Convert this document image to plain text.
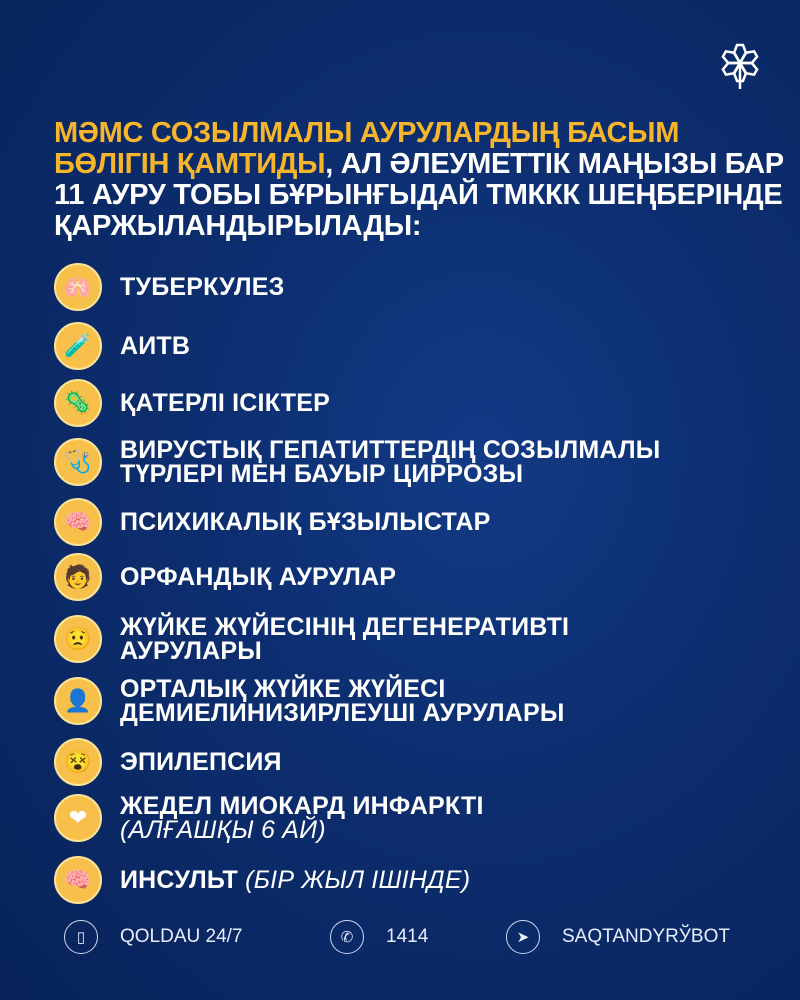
МӘМС СОЗЫЛМАЛЫ АУРУЛАРДЫҢ БАСЫМ БӨЛІГІН ҚАМТИДЫ, АЛ ӘЛЕУМЕТТІК МАҢЫЗЫ БАР 11 АУРУ ТОБЫ БҰРЫНҒЫДАЙ ТМККК ШЕҢБЕРІНДЕ ҚАРЖЫЛАНДЫРЫЛАДЫ:
🫁	ТУБЕРКУЛЕЗ
🧪	АИТВ
🦠	ҚАТЕРЛІ ІСІКТЕР
🩺	ВИРУСТЫҚ ГЕПАТИТТЕРДІҢ СОЗЫЛМАЛЫ
ТҮРЛЕРІ МЕН БАУЫР ЦИРРОЗЫ
🧠	ПСИХИКАЛЫҚ БҰЗЫЛЫСТАР
🧑	ОРФАНДЫҚ АУРУЛАР
😟	ЖҮЙКЕ ЖҮЙЕСІНІҢ ДЕГЕНЕРАТИВТІ
АУРУЛАРЫ
👤	ОРТАЛЫҚ ЖҮЙКЕ ЖҮЙЕСІ
ДЕМИЕЛИНИЗИРЛЕУШІ АУРУЛАРЫ
😵	ЭПИЛЕПСИЯ
❤	ЖЕДЕЛ МИОКАРД ИНФАРКТІ
(АЛҒАШҚЫ 6 АЙ)
🧠	ИНСУЛЬТ (БІР ЖЫЛ ІШІНДЕ)
▯	QOLDAU 24/7	✆	1414	➤	SAQTANDYRЎBOT
